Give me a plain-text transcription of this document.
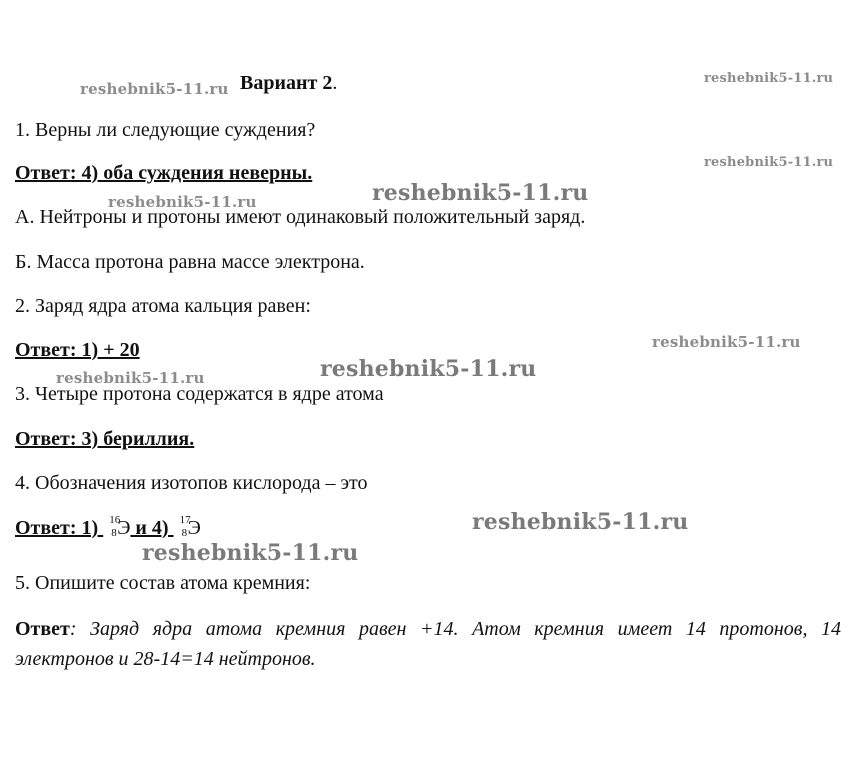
reshebnik5-11.ru
reshebnik5-11.ru
reshebnik5-11.ru
reshebnik5-11.ru	reshebnik5-11.ru
reshebnik5-11.ru
reshebnik5-11.ru
reshebnik5-11.ru
reshebnik5-11.ru
reshebnik5-11.ru
Вариант 2.
1. Верны ли следующие суждения?
Ответ: 4) оба суждения неверны.
А. Нейтроны и протоны имеют одинаковый положительный заряд.
Б. Масса протона равна массе электрона.
2. Заряд ядра атома кальция равен:
Ответ: 1) + 20
3. Четыре протона содержатся в ядре атома
Ответ: 3) бериллия.
4. Обозначения изотопов кислорода – это
Ответ: 1) 16
8 Э и 4) 17
8 Э
5. Опишите состав атома кремния:
Ответ: Заряд ядра атома кремния равен +14. Атом кремния имеет 14 протонов, 14 электронов и 28-14=14 нейтронов.
